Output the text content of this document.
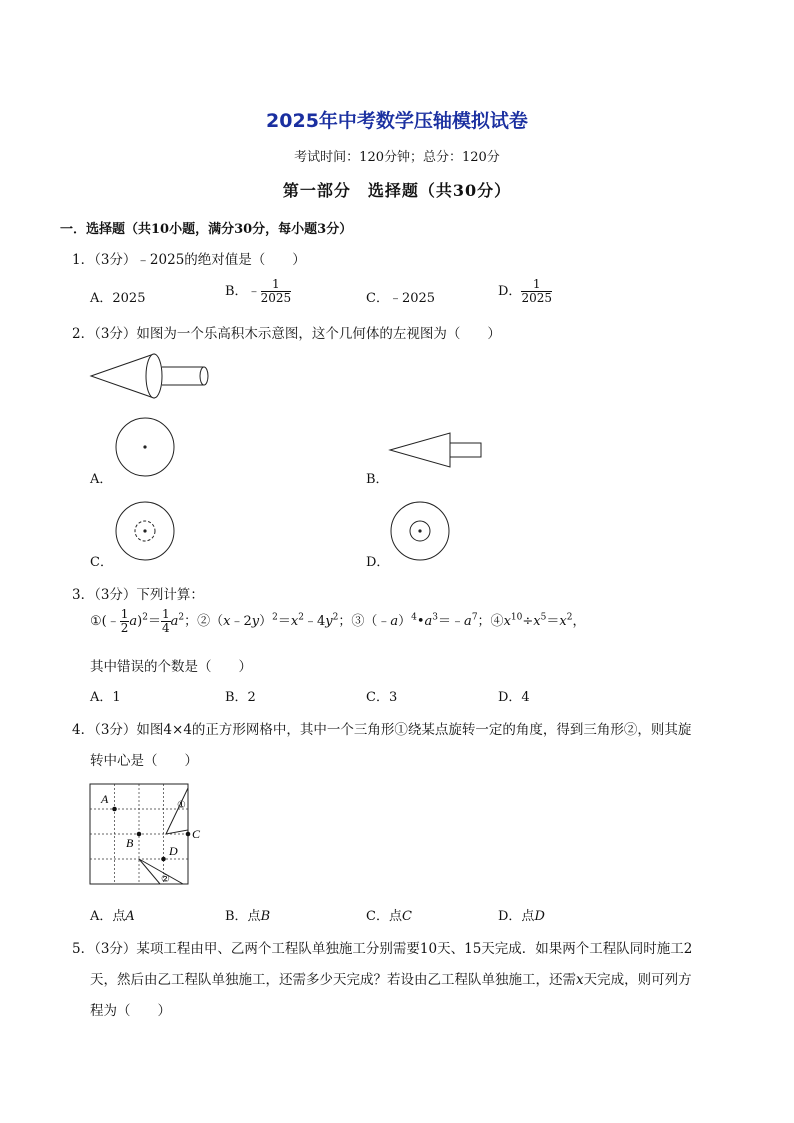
2025年中考数学压轴模拟试卷
考试时间：120分钟；总分：120分
第一部分　选择题（共30分）
一．选择题（共10小题，满分30分，每小题3分）
1．（3分）﹣2025的绝对值是（　　）
A．2025	B．﹣ $\frac{1}{2025}$	C．﹣2025	D． $\frac{1}{2025}$
2．（3分）如图为一个乐高积木示意图，这个几何体的左视图为（　　）
A．	B．
C．	D．
3．（3分）下列计算：
①(﹣ $\frac{1}{2} a)^2= \frac{1}{4} a^2$；$②(x﹣2y)^2=x^2﹣4y^2$；$③(﹣a)^4•a^3=﹣a^7$；$④x^{10}\div x^5=x^2$，
其中错误的个数是（　　）
A．1	B．2	C．3	D．4
4．（3分）如图4×4的正方形网格中，其中一个三角形①绕某点旋转一定的角度，得到三角形②，则其旋
转中心是（　　）
A
B
C
D
①
②
A．点A	B．点B	C．点C	D．点D
5．（3分）某项工程由甲、乙两个工程队单独施工分别需要10天、15天完成．如果两个工程队同时施工2
天，然后由乙工程队单独施工，还需多少天完成？若设由乙工程队单独施工，还需x天完成，则可列方
程为（　　）
